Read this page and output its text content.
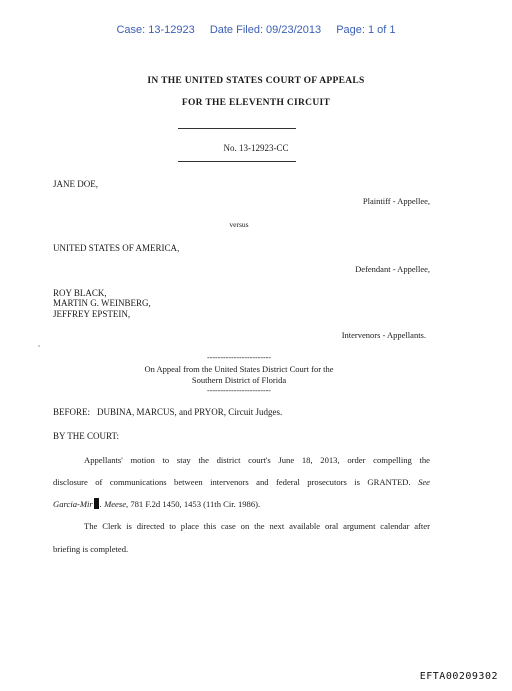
Case: 13-12923 Date Filed: 09/23/2013 Page: 1 of 1
IN THE UNITED STATES COURT OF APPEALS
FOR THE ELEVENTH CIRCUIT
No. 13-12923-CC
JANE DOE,
Plaintiff - Appellee,
versus
UNITED STATES OF AMERICA,
Defendant - Appellee,
ROY BLACK,
MARTIN G. WEINBERG,
JEFFREY EPSTEIN,
Intervenors - Appellants.
------------------------
On Appeal from the United States District Court for the
Southern District of Florida
------------------------
BEFORE: DUBINA, MARCUS, and PRYOR, Circuit Judges.
BY THE COURT:
Appellants' motion to stay the district court's June 18, 2013, order compelling the
disclosure of communications between intervenors and federal prosecutors is GRANTED. See
Garcia-Mir . Meese, 781 F.2d 1450, 1453 (11th Cir. 1986).
The Clerk is directed to place this case on the next available oral argument calendar after
briefing is completed.
EFTA00209302
